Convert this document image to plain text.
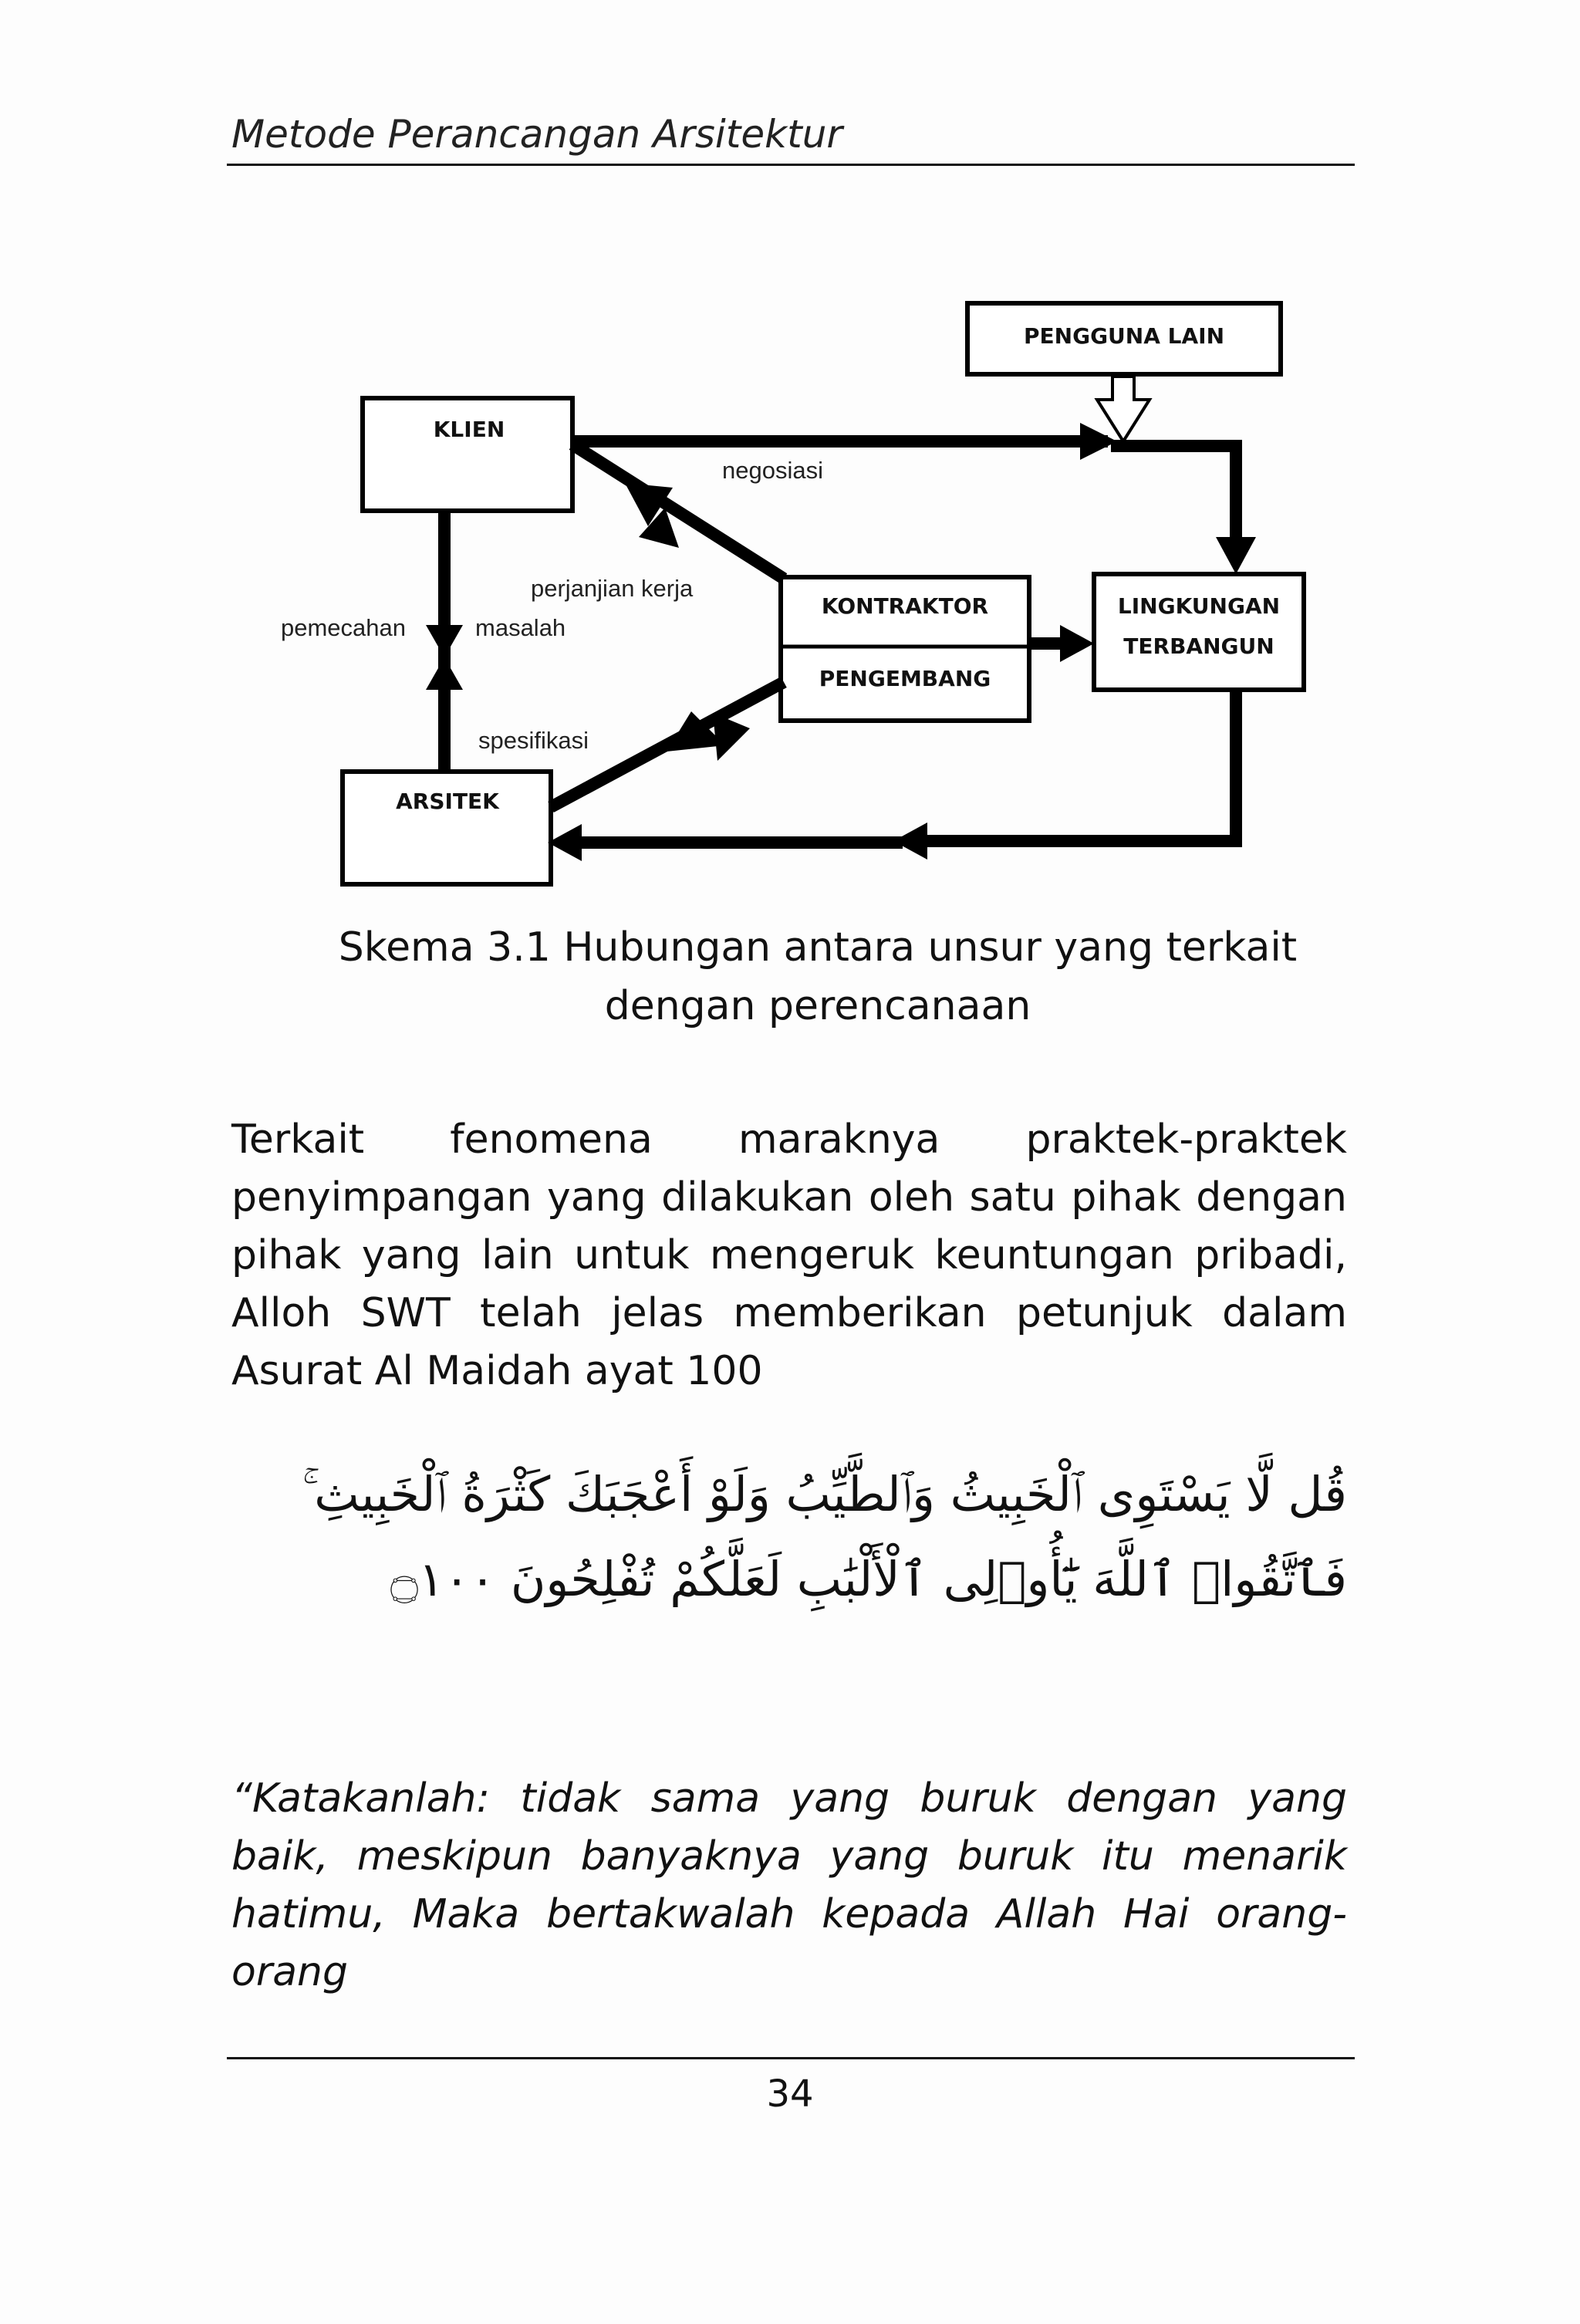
Metode Perancangan Arsitektur
PENGGUNA LAIN
KLIEN
KONTRAKTOR
PENGEMBANG
LINGKUNGAN
TERBANGUN
ARSITEK
negosiasi
perjanjian kerja
pemecahan	masalah
spesifikasi
Skema 3.1 Hubungan antara unsur yang terkait dengan perencanaan
Terkait fenomena maraknya praktek-praktek penyimpangan yang dilakukan oleh satu pihak dengan pihak yang lain untuk mengeruk keuntungan pribadi, Alloh SWT telah jelas memberikan petunjuk dalam Asurat Al Maidah ayat 100
قُل لَّا يَسْتَوِى ٱلْخَبِيثُ وَٱلطَّيِّبُ وَلَوْ أَعْجَبَكَ كَثْرَةُ ٱلْخَبِيثِ ۚ
فَٱتَّقُوا۟ ٱللَّهَ يَٰٓأُو۟لِى ٱلْأَلْبَٰبِ لَعَلَّكُمْ تُفْلِحُونَ ۝١٠٠
“Katakanlah: tidak sama yang buruk dengan yang baik, meskipun banyaknya yang buruk itu menarik hatimu, Maka bertakwalah kepada Allah Hai orang-orang
34
